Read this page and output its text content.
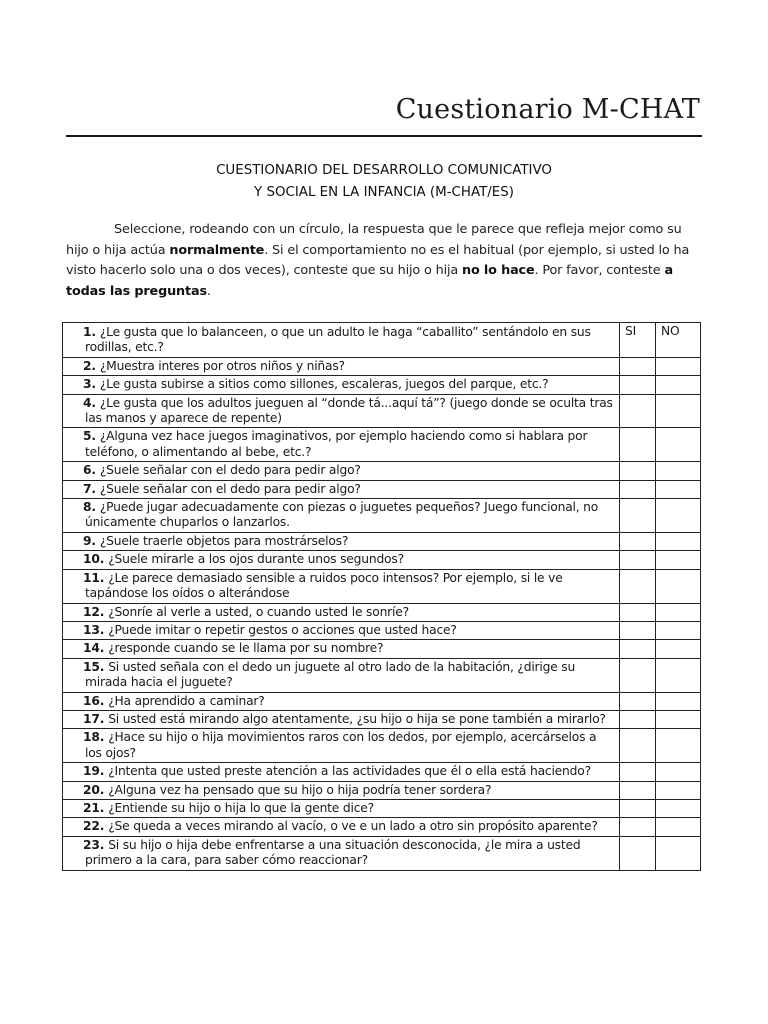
Cuestionario M-CHAT
CUESTIONARIO DEL DESARROLLO COMUNICATIVO
Y SOCIAL EN LA INFANCIA (M-CHAT/ES)

Seleccione, rodeando con un círculo, la respuesta que le parece que refleja mejor como su hijo o hija actúa normalmente. Si el comportamiento no es el habitual (por ejemplo, si usted lo ha visto hacerlo solo una o dos veces), conteste que su hijo o hija no lo hace. Por favor, conteste a todas las preguntas.

1. ¿Le gusta que lo balanceen, o que un adulto le haga “caballito” sentándolo en sus rodillas, etc.?	SI	NO
2. ¿Muestra interes por otros niños y niñas?		
3. ¿Le gusta subirse a sitios como sillones, escaleras, juegos del parque, etc.?		
4. ¿Le gusta que los adultos jueguen al “donde tá...aquí tá”? (juego donde se oculta tras las manos y aparece de repente)		
5. ¿Alguna vez hace juegos imaginativos, por ejemplo haciendo como si hablara por teléfono, o alimentando al bebe, etc.?		
6. ¿Suele señalar con el dedo para pedir algo?		
7. ¿Suele señalar con el dedo para pedir algo?		
8. ¿Puede jugar adecuadamente con piezas o juguetes pequeños? Juego funcional, no únicamente chuparlos o lanzarlos.		
9. ¿Suele traerle objetos para mostrárselos?		
10. ¿Suele mirarle a los ojos durante unos segundos?		
11. ¿Le parece demasiado sensible a ruidos poco intensos? Por ejemplo, si le ve tapándose los oídos o alterándose		
12. ¿Sonríe al verle a usted, o cuando usted le sonríe?		
13. ¿Puede imitar o repetir gestos o acciones que usted hace?		
14. ¿responde cuando se le llama por su nombre?		
15. Si usted señala con el dedo un juguete al otro lado de la habitación, ¿dirige su mirada hacia el juguete?		
16. ¿Ha aprendido a caminar?		
17. Si usted está mirando algo atentamente, ¿su hijo o hija se pone también a mirarlo?		
18. ¿Hace su hijo o hija movimientos raros con los dedos, por ejemplo, acercárselos a los ojos?		
19. ¿Intenta que usted preste atención a las actividades que él o ella está haciendo?		
20. ¿Alguna vez ha pensado que su hijo o hija podría tener sordera?		
21. ¿Entiende su hijo o hija lo que la gente dice?		
22. ¿Se queda a veces mirando al vacío, o ve e un lado a otro sin propósito aparente?		
23. Si su hijo o hija debe enfrentarse a una situación desconocida, ¿le mira a usted primero a la cara, para saber cómo reaccionar?		
